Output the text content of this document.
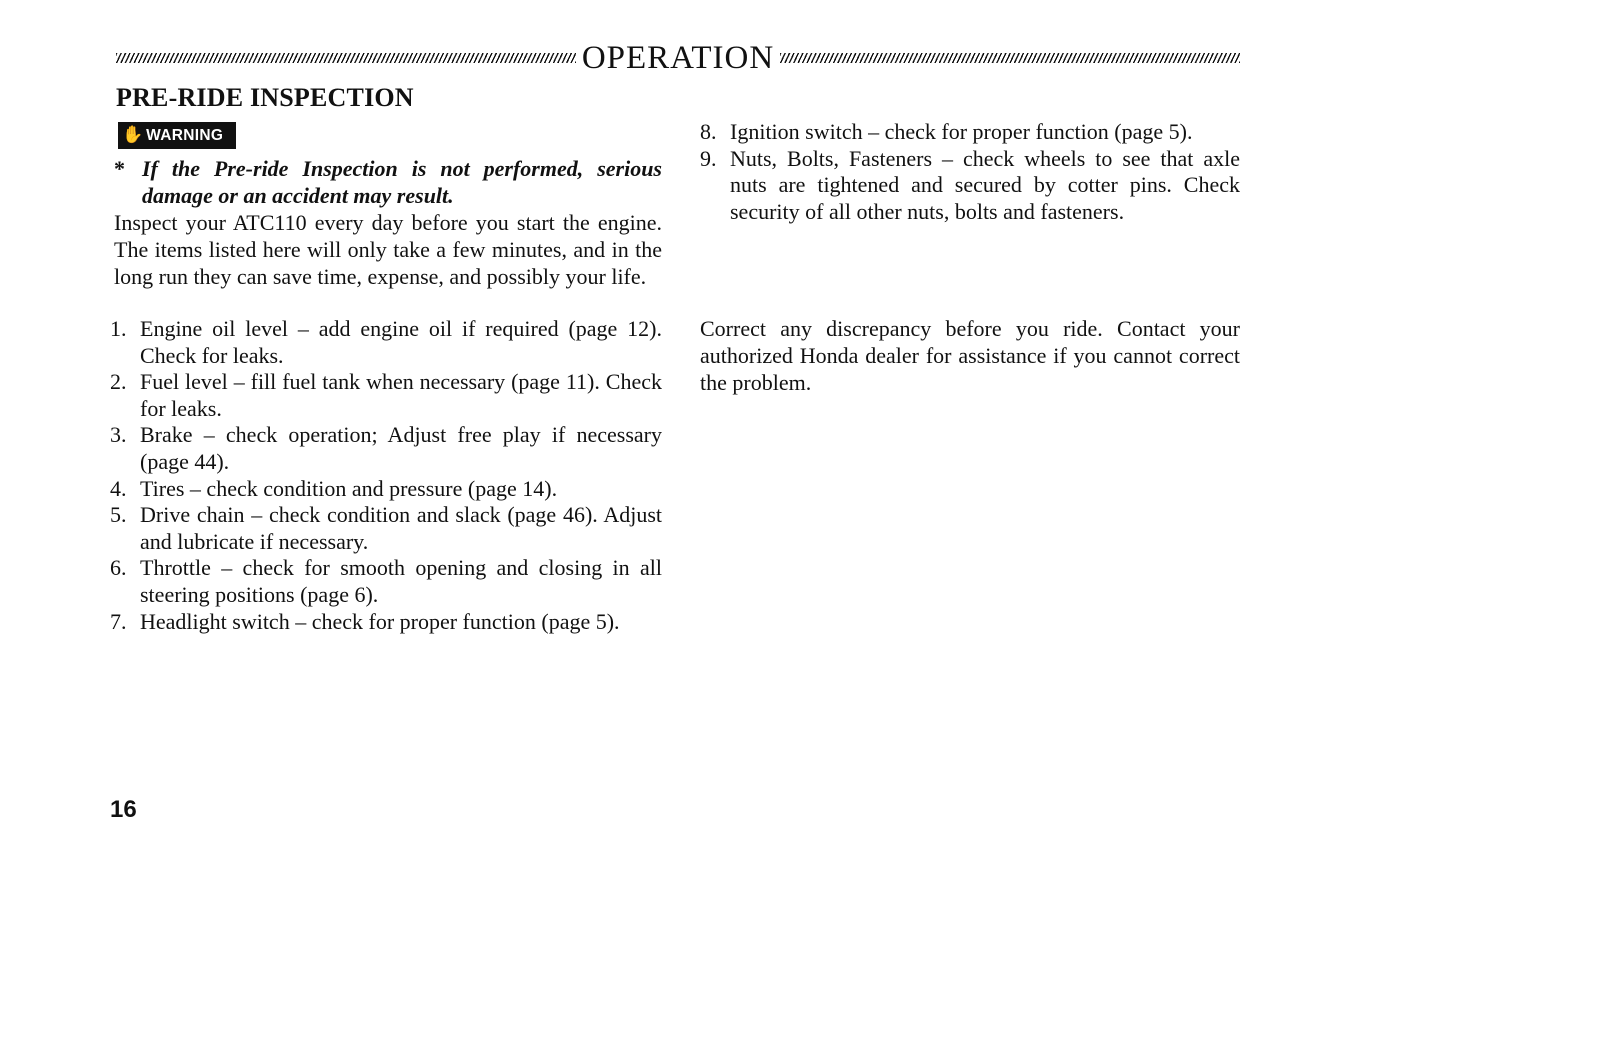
OPERATION
PRE-RIDE INSPECTION
✋ WARNING
* If the Pre-ride Inspection is not performed, serious damage or an accident may result.

Inspect your ATC110 every day before you start the engine. The items listed here will only take a few minutes, and in the long run they can save time, expense, and possibly your life.

1. Engine oil level – add engine oil if required (page 12). Check for leaks.
2. Fuel level – fill fuel tank when necessary (page 11). Check for leaks.
3. Brake – check operation; Adjust free play if necessary (page 44).
4. Tires – check condition and pressure (page 14).
5. Drive chain – check condition and slack (page 46). Adjust and lubricate if necessary.
6. Throttle – check for smooth opening and closing in all steering positions (page 6).
7. Headlight switch – check for proper function (page 5).
8. Ignition switch – check for proper function (page 5).
9. Nuts, Bolts, Fasteners – check wheels to see that axle nuts are tightened and secured by cotter pins. Check security of all other nuts, bolts and fasteners.

Correct any discrepancy before you ride. Contact your authorized Honda dealer for assistance if you cannot correct the problem.

16
